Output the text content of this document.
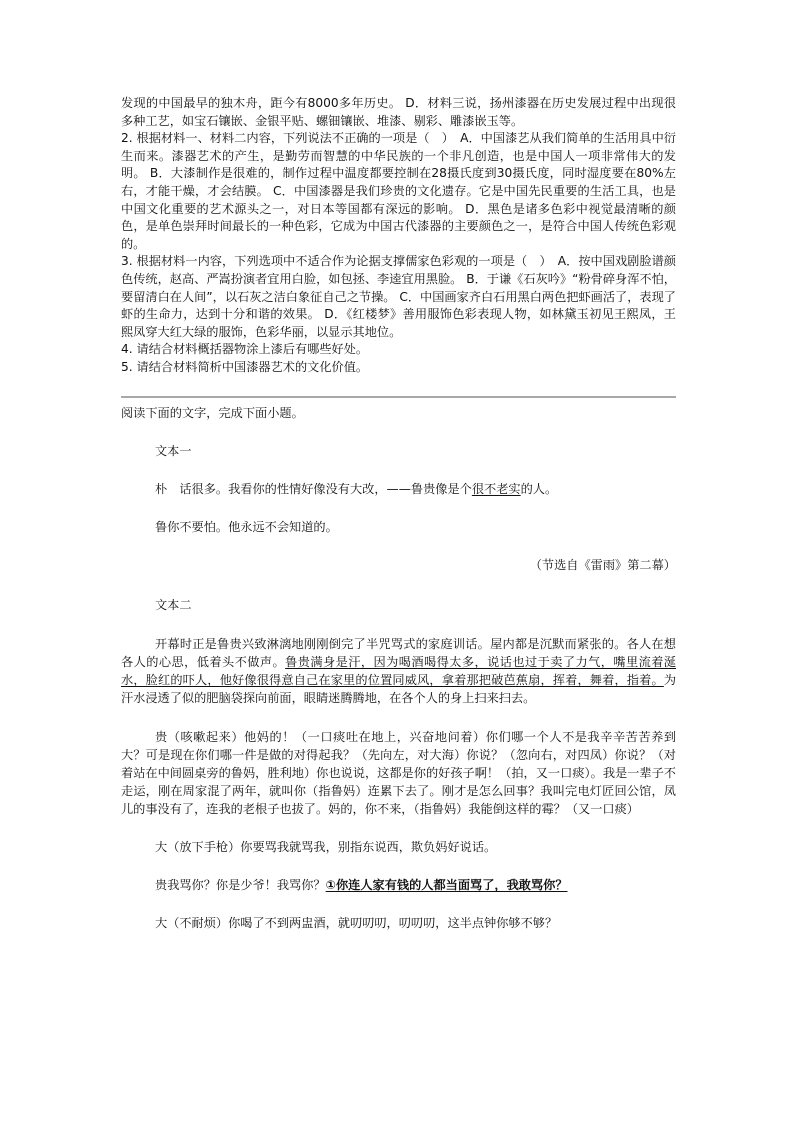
发现的中国最早的独木舟，距今有8000多年历史。 D．材料三说，扬州漆器在历史发展过程中出现很多种工艺，如宝石镶嵌、金银平贴、螺钿镶嵌、堆漆、剔彩、雕漆嵌玉等。

2. 根据材料一、材料二内容，下列说法不正确的一项是（　）　A．中国漆艺从我们简单的生活用具中衍生而来。漆器艺术的产生，是勤劳而智慧的中华民族的一个非凡创造，也是中国人一项非常伟大的发明。 B．大漆制作是很难的，制作过程中温度都要控制在28摄氏度到30摄氏度，同时湿度要在80%左右，才能干燥，才会结膜。 C．中国漆器是我们珍贵的文化遗存。它是中国先民重要的生活工具，也是中国文化重要的艺术源头之一，对日本等国都有深远的影响。 D．黑色是诸多色彩中视觉最清晰的颜色，是单色崇拜时间最长的一种色彩，它成为中国古代漆器的主要颜色之一，是符合中国人传统色彩观的。

3. 根据材料一内容，下列选项中不适合作为论据支撑儒家色彩观的一项是（　）　A．按中国戏剧脸谱颜色传统，赵高、严嵩扮演者宜用白脸，如包拯、李逵宜用黑脸。 B．于谦《石灰吟》“粉骨碎身浑不怕，要留清白在人间”，以石灰之洁白象征自己之节操。 C．中国画家齐白石用黑白两色把虾画活了，表现了虾的生命力，达到十分和谐的效果。 D．《红楼梦》善用服饰色彩表现人物，如林黛玉初见王熙凤，王熙凤穿大红大绿的服饰，色彩华丽，以显示其地位。

4. 请结合材料概括器物涂上漆后有哪些好处。

5. 请结合材料简析中国漆器艺术的文化价值。

阅读下面的文字，完成下面小题。

文本一

朴　话很多。我看你的性情好像没有大改，——鲁贵像是个很不老实的人。

鲁你不要怕。他永远不会知道的。

（节选自《雷雨》第二幕）

文本二

开幕时正是鲁贵兴致淋漓地刚刚倒完了半咒骂式的家庭训话。屋内都是沉默而紧张的。各人在想各人的心思，低着头不做声。鲁贵满身是汗，因为喝酒喝得太多，说话也过于卖了力气，嘴里流着涎水，脸红的吓人，他好像很得意自己在家里的位置同威风，拿着那把破芭蕉扇，挥着，舞着，指着。为汗水浸透了似的肥脑袋探向前面，眼睛迷腾腾地，在各个人的身上扫来扫去。

贵（咳嗽起来）他妈的！（一口痰吐在地上，兴奋地问着）你们哪一个人不是我辛辛苦苦养到大？可是现在你们哪一件是做的对得起我？（先向左，对大海）你说？（忽向右，对四凤）你说？（对着站在中间圆桌旁的鲁妈，胜利地）你也说说，这都是你的好孩子啊！（拍，又一口痰）。我是一辈子不走运，刚在周家混了两年，就叫你（指鲁妈）连累下去了。刚才是怎么回事？我叫完电灯匠回公馆，凤儿的事没有了，连我的老根子也拔了。妈的，你不来，（指鲁妈）我能倒这样的霉？（又一口痰）

大（放下手枪）你要骂我就骂我，别指东说西，欺负妈好说话。

贵我骂你？你是少爷！我骂你？①你连人家有钱的人都当面骂了，我敢骂你？

大（不耐烦）你喝了不到两盅酒，就叨叨叨，叨叨叨，这半点钟你够不够？
